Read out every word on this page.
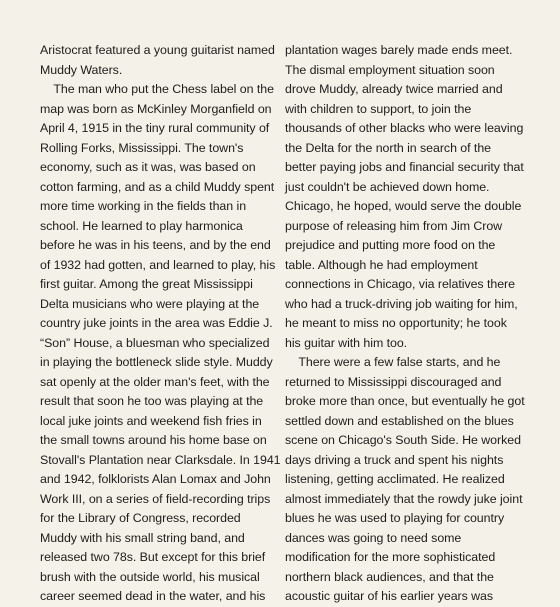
Aristocrat featured a young guitarist named
Muddy Waters.
The man who put the Chess label on the
map was born as McKinley Morganfield on
April 4, 1915 in the tiny rural community of
Rolling Forks, Mississippi. The town's
economy, such as it was, was based on
cotton farming, and as a child Muddy spent
more time working in the fields than in
school. He learned to play harmonica
before he was in his teens, and by the end
of 1932 had gotten, and learned to play, his
first guitar. Among the great Mississippi
Delta musicians who were playing at the
country juke joints in the area was Eddie J.
“Son” House, a bluesman who specialized
in playing the bottleneck slide style. Muddy
sat openly at the older man's feet, with the
result that soon he too was playing at the
local juke joints and weekend fish fries in
the small towns around his home base on
Stovall's Plantation near Clarksdale. In 1941
and 1942, folklorists Alan Lomax and John
Work III, on a series of field-recording trips
for the Library of Congress, recorded
Muddy with his small string band, and
released two 78s. But except for this brief
brush with the outside world, his musical
career seemed dead in the water, and his
plantation wages barely made ends meet.
The dismal employment situation soon
drove Muddy, already twice married and
with children to support, to join the
thousands of other blacks who were leaving
the Delta for the north in search of the
better paying jobs and financial security that
just couldn't be achieved down home.
Chicago, he hoped, would serve the double
purpose of releasing him from Jim Crow
prejudice and putting more food on the
table. Although he had employment
connections in Chicago, via relatives there
who had a truck-driving job waiting for him,
he meant to miss no opportunity; he took
his guitar with him too.
There were a few false starts, and he
returned to Mississippi discouraged and
broke more than once, but eventually he got
settled down and established on the blues
scene on Chicago's South Side. He worked
days driving a truck and spent his nights
listening, getting acclimated. He realized
almost immediately that the rowdy juke joint
blues he was used to playing for country
dances was going to need some
modification for the more sophisticated
northern black audiences, and that the
acoustic guitar of his earlier years was
